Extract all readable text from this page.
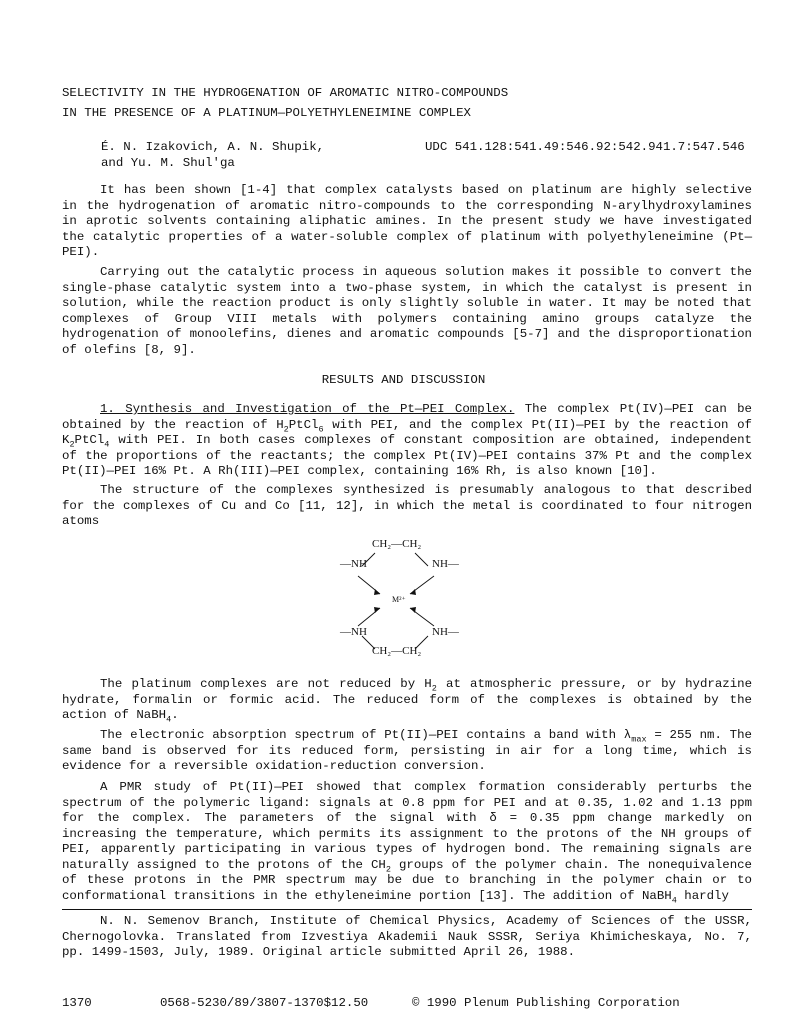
SELECTIVITY IN THE HYDROGENATION OF AROMATIC NITRO-COMPOUNDS
IN THE PRESENCE OF A PLATINUM—POLYETHYLENEIMINE COMPLEX
É. N. Izakovich, A. N. Shupik,
and Yu. M. Shul'ga
UDC 541.128:541.49:546.92:542.941.7:547.546
It has been shown [1-4] that complex catalysts based on platinum are highly selective in the hydrogenation of aromatic nitro-compounds to the corresponding N-arylhydroxylamines in aprotic solvents containing aliphatic amines. In the present study we have investigated the catalytic properties of a water-soluble complex of platinum with polyethyleneimine (Pt—PEI).
Carrying out the catalytic process in aqueous solution makes it possible to convert the single-phase catalytic system into a two-phase system, in which the catalyst is present in solution, while the reaction product is only slightly soluble in water. It may be noted that complexes of Group VIII metals with polymers containing amino groups catalyze the hydrogenation of monoolefins, dienes and aromatic compounds [5-7] and the disproportionation of olefins [8, 9].
RESULTS AND DISCUSSION
1. Synthesis and Investigation of the Pt—PEI Complex. The complex Pt(IV)—PEI can be obtained by the reaction of $H_2PtCl_6$ with PEI, and the complex Pt(II)—PEI by the reaction of $K_2PtCl_4$ with PEI. In both cases complexes of constant composition are obtained, independent of the proportions of the reactants; the complex Pt(IV)—PEI contains 37% Pt and the complex Pt(II)—PEI 16% Pt. A Rh(III)—PEI complex, containing 16% Rh, is also known [10].
The structure of the complexes synthesized is presumably analogous to that described for the complexes of Cu and Co [11, 12], in which the metal is coordinated to four nitrogen atoms
CH₂—CH₂
—NH	NH—
M²⁺
—NH	NH—
CH₂—CH₂
The platinum complexes are not reduced by $H_2$ at atmospheric pressure, or by hydrazine hydrate, formalin or formic acid. The reduced form of the complexes is obtained by the action of NaBH$_4$.
The electronic absorption spectrum of Pt(II)—PEI contains a band with $\lambda_{max} = 255$ nm. The same band is observed for its reduced form, persisting in air for a long time, which is evidence for a reversible oxidation-reduction conversion.
A PMR study of Pt(II)—PEI showed that complex formation considerably perturbs the spectrum of the polymeric ligand: signals at 0.8 ppm for PEI and at 0.35, 1.02 and 1.13 ppm for the complex. The parameters of the signal with δ = 0.35 ppm change markedly on increasing the temperature, which permits its assignment to the protons of the NH groups of PEI, apparently participating in various types of hydrogen bond. The remaining signals are naturally assigned to the protons of the $CH_2$ groups of the polymer chain. The nonequivalence of these protons in the PMR spectrum may be due to branching in the polymer chain or to conformational transitions in the ethyleneimine portion [13]. The addition of NaBH$_4$ hardly
N. N. Semenov Branch, Institute of Chemical Physics, Academy of Sciences of the USSR, Chernogolovka. Translated from Izvestiya Akademii Nauk SSSR, Seriya Khimicheskaya, No. 7, pp. 1499-1503, July, 1989. Original article submitted April 26, 1988.
1370	0568-5230/89/3807-1370$12.50	© 1990 Plenum Publishing Corporation
